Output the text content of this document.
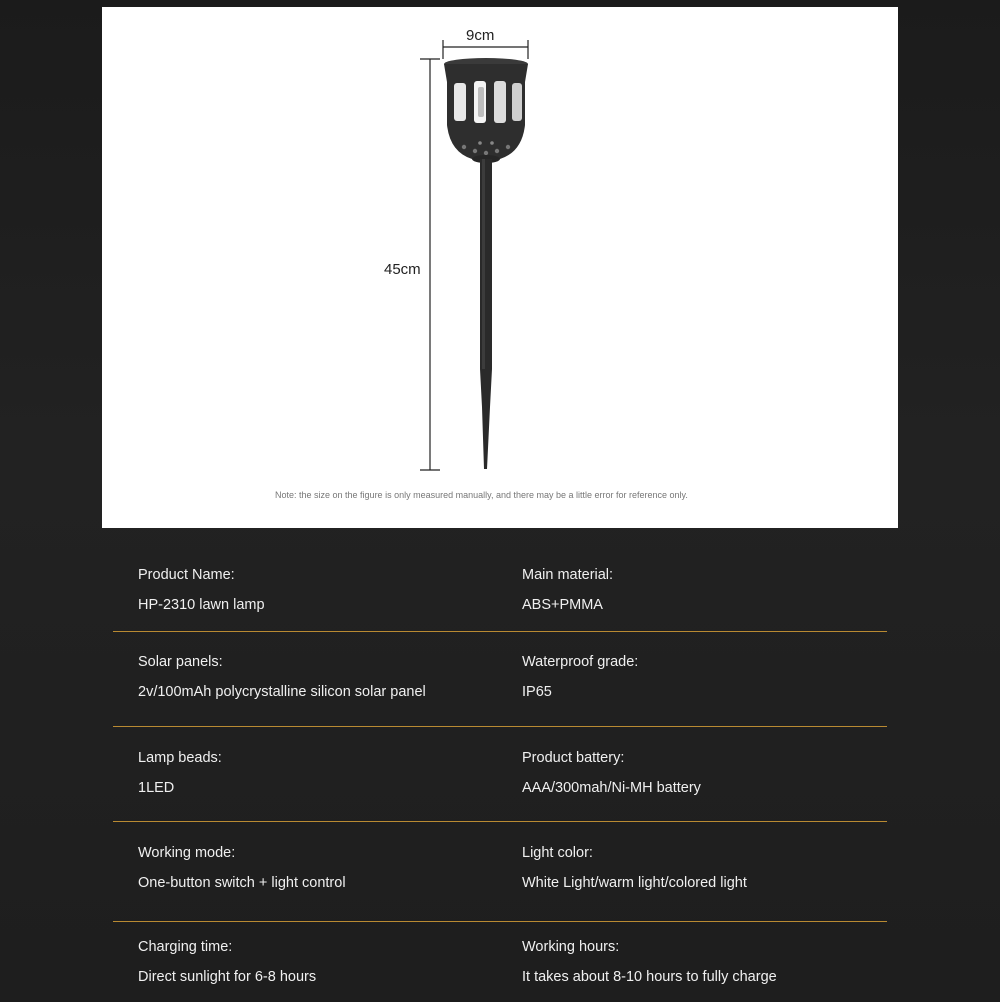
9cm
45cm
Note: the size on the figure is only measured manually, and there may be a little error for reference only.
Product Name:
HP-2310 lawn lamp
Main material:
ABS+PMMA
Solar panels:
2v/100mAh polycrystalline silicon solar panel
Waterproof grade:
IP65
Lamp beads:
1LED
Product battery:
AAA/300mah/Ni-MH battery
Working mode:
One-button switch + light control
Light color:
White Light/warm light/colored light
Charging time:
Direct sunlight for 6-8 hours
Working hours:
It takes about 8-10 hours to fully charge
